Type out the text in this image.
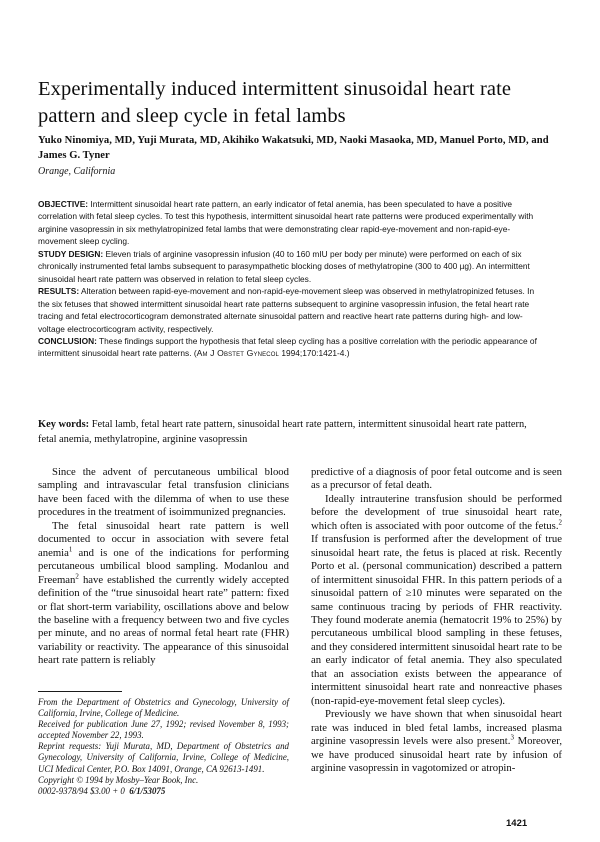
Experimentally induced intermittent sinusoidal heart rate pattern and sleep cycle in fetal lambs
Yuko Ninomiya, MD, Yuji Murata, MD, Akihiko Wakatsuki, MD, Naoki Masaoka, MD, Manuel Porto, MD, and James G. Tyner
Orange, California

OBJECTIVE: Intermittent sinusoidal heart rate pattern, an early indicator of fetal anemia, has been speculated to have a positive correlation with fetal sleep cycles. To test this hypothesis, intermittent sinusoidal heart rate patterns were produced experimentally with arginine vasopressin in six methylatropinized fetal lambs that were demonstrating clear rapid-eye-movement and non-rapid-eye-movement sleep cycling.

STUDY DESIGN: Eleven trials of arginine vasopressin infusion (40 to 160 mIU per body per minute) were performed on each of six chronically instrumented fetal lambs subsequent to parasympathetic blocking doses of methylatropine (300 to 400 µg). An intermittent sinusoidal heart rate pattern was observed in relation to fetal sleep cycles.

RESULTS: Alteration between rapid-eye-movement and non-rapid-eye-movement sleep was observed in methylatropinized fetuses. In the six fetuses that showed intermittent sinusoidal heart rate patterns subsequent to arginine vasopressin infusion, the fetal heart rate tracing and fetal electrocorticogram demonstrated alternate sinusoidal pattern and reactive heart rate patterns during high- and low-voltage electrocorticogram activity, respectively.

CONCLUSION: These findings support the hypothesis that fetal sleep cycling has a positive correlation with the periodic appearance of intermittent sinusoidal heart rate patterns. (Am J Obstet Gynecol 1994;170:1421-4.)

Key words: Fetal lamb, fetal heart rate pattern, sinusoidal heart rate pattern, intermittent sinusoidal heart rate pattern, fetal anemia, methylatropine, arginine vasopressin

Since the advent of percutaneous umbilical blood sampling and intravascular fetal transfusion clinicians have been faced with the dilemma of when to use these procedures in the treatment of isoimmunized pregnancies.

The fetal sinusoidal heart rate pattern is well documented to occur in association with severe fetal anemia$^1$ and is one of the indications for performing percutaneous umbilical blood sampling. Modanlou and Freeman$^2$ have established the currently widely accepted definition of the “true sinusoidal heart rate” pattern: fixed or flat short-term variability, oscillations above and below the baseline with a frequency between two and five cycles per minute, and no areas of normal fetal heart rate (FHR) variability or reactivity. The appearance of this sinusoidal heart rate pattern is reliably

predictive of a diagnosis of poor fetal outcome and is seen as a precursor of fetal death.

Ideally intrauterine transfusion should be performed before the development of true sinusoidal heart rate, which often is associated with poor outcome of the fetus.$^2$ If transfusion is performed after the development of true sinusoidal heart rate, the fetus is placed at risk. Recently Porto et al. (personal communication) described a pattern of intermittent sinusoidal FHR. In this pattern periods of a sinusoidal pattern of ≥10 minutes were separated on the same continuous tracing by periods of FHR reactivity. They found moderate anemia (hematocrit 19% to 25%) by percutaneous umbilical blood sampling in these fetuses, and they considered intermittent sinusoidal heart rate to be an early indicator of fetal anemia. They also speculated that an association exists between the appearance of intermittent sinusoidal heart rate and nonreactive phases (non-rapid-eye-movement fetal sleep cycles).

Previously we have shown that when sinusoidal heart rate was induced in bled fetal lambs, increased plasma arginine vasopressin levels were also present.$^3$ Moreover, we have produced sinusoidal heart rate by infusion of arginine vasopressin in vagotomized or atropin-

From the Department of Obstetrics and Gynecology, University of California, Irvine, College of Medicine.

Received for publication June 27, 1992; revised November 8, 1993; accepted November 22, 1993.

Reprint requests: Yuji Murata, MD, Department of Obstetrics and Gynecology, University of California, Irvine, College of Medicine, UCI Medical Center, P.O. Box 14091, Orange, CA 92613-1491.

Copyright © 1994 by Mosby–Year Book, Inc.

0002-9378/94 $3.00 + 0 6/1/53075

1421
